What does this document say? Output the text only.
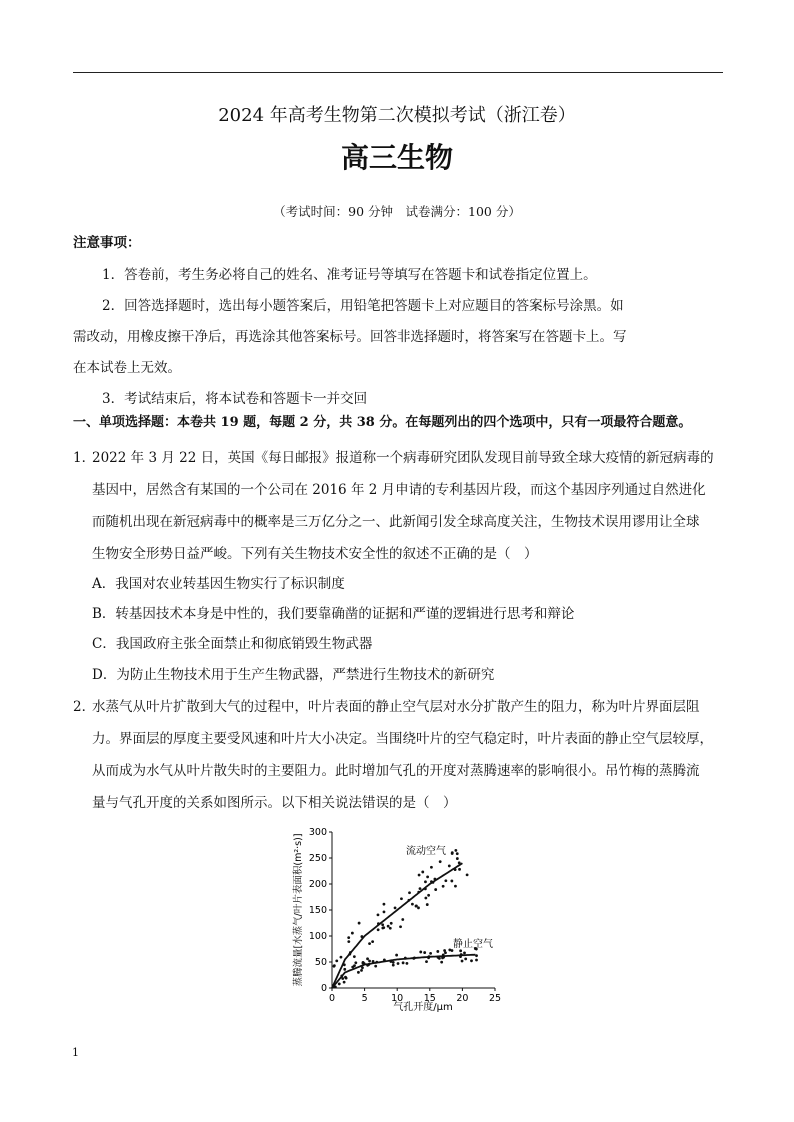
2024 年高考生物第二次模拟考试（浙江卷）
高三生物
（考试时间：90 分钟　试卷满分：100 分）
注意事项：
1．答卷前，考生务必将自己的姓名、准考证号等填写在答题卡和试卷指定位置上。
2．回答选择题时，选出每小题答案后，用铅笔把答题卡上对应题目的答案标号涂黑。如
需改动，用橡皮擦干净后，再选涂其他答案标号。回答非选择题时，将答案写在答题卡上。写
在本试卷上无效。
3．考试结束后，将本试卷和答题卡一并交回
一、单项选择题：本卷共 19 题，每题 2 分，共 38 分。在每题列出的四个选项中，只有一项最符合题意。
1．
2022 年 3 月 22 日，英国《每日邮报》报道称一个病毒研究团队发现目前导致全球大疫情的新冠病毒的
基因中，居然含有某国的一个公司在 2016 年 2 月申请的专利基因片段，而这个基因序列通过自然进化
而随机出现在新冠病毒中的概率是三万亿分之一、此新闻引发全球高度关注，生物技术误用谬用让全球
生物安全形势日益严峻。下列有关生物技术安全性的叙述不正确的是（　）
A．我国对农业转基因生物实行了标识制度
B．转基因技术本身是中性的，我们要靠确凿的证据和严谨的逻辑进行思考和辩论
C．我国政府主张全面禁止和彻底销毁生物武器
D．为防止生物技术用于生产生物武器，严禁进行生物技术的新研究
2．
水蒸气从叶片扩散到大气的过程中，叶片表面的静止空气层对水分扩散产生的阻力，称为叶片界面层阻
力。界面层的厚度主要受风速和叶片大小决定。当围绕叶片的空气稳定时，叶片表面的静止空气层较厚，
从而成为水气从叶片散失时的主要阻力。此时增加气孔的开度对蒸腾速率的影响很小。吊竹梅的蒸腾流
量与气孔开度的关系如图所示。以下相关说法错误的是（　）
0
50
100
150
200
250
300
0	5 10 15 20 25
蒸腾流量[水蒸气/叶片表面积(m²·s)]
气孔开度/μm
流动空气
静止空气
1
